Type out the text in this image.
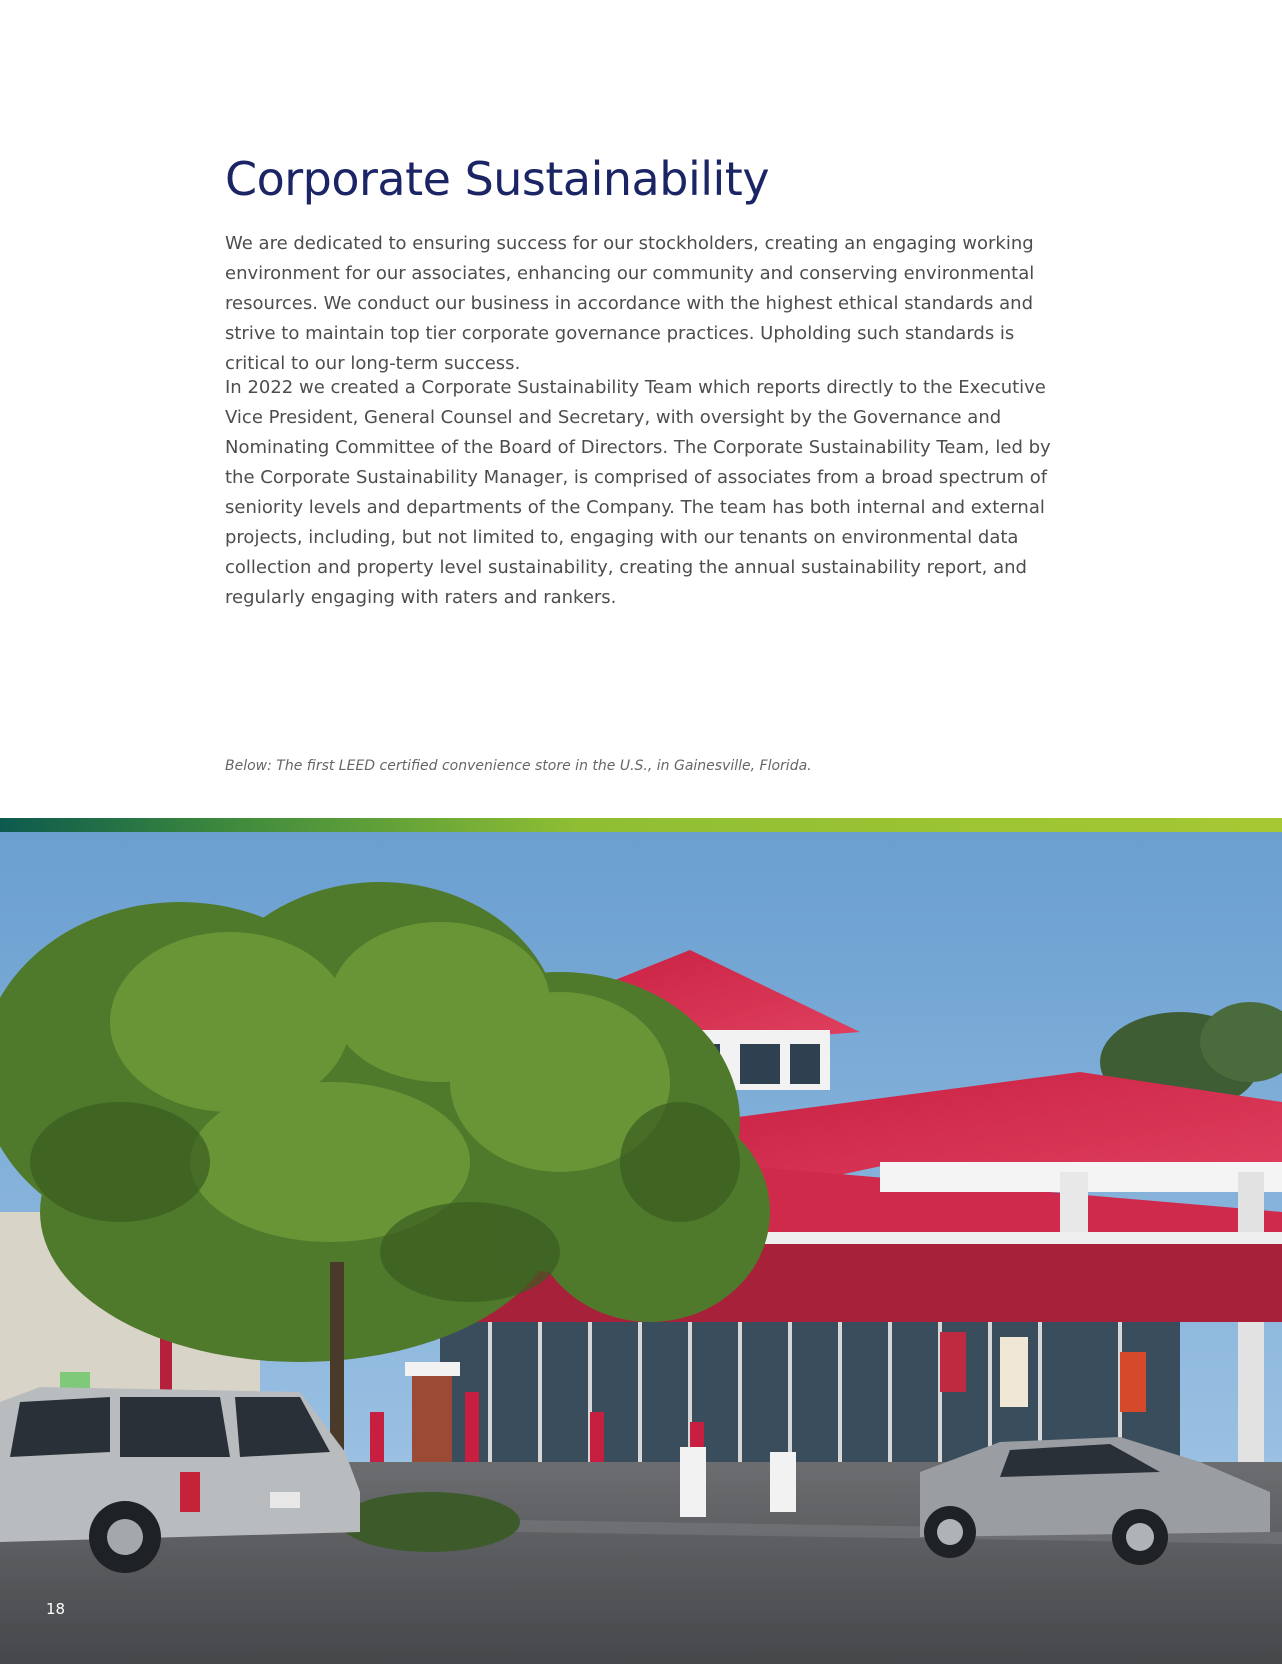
Corporate Sustainability

We are dedicated to ensuring success for our stockholders, creating an engaging working environment for our associates, enhancing our community and conserving environmental resources. We conduct our business in accordance with the highest ethical standards and strive to maintain top tier corporate governance practices. Upholding such standards is critical to our long-term success.

In 2022 we created a Corporate Sustainability Team which reports directly to the Executive Vice President, General Counsel and Secretary, with oversight by the Governance and Nominating Committee of the Board of Directors. The Corporate Sustainability Team, led by the Corporate Sustainability Manager, is comprised of associates from a broad spectrum of seniority levels and departments of the Company. The team has both internal and external projects, including, but not limited to, engaging with our tenants on environmental data collection and property level sustainability, creating the annual sustainability report, and regularly engaging with raters and rankers.

Below: The first LEED certified convenience store in the U.S., in Gainesville, Florida.

18
